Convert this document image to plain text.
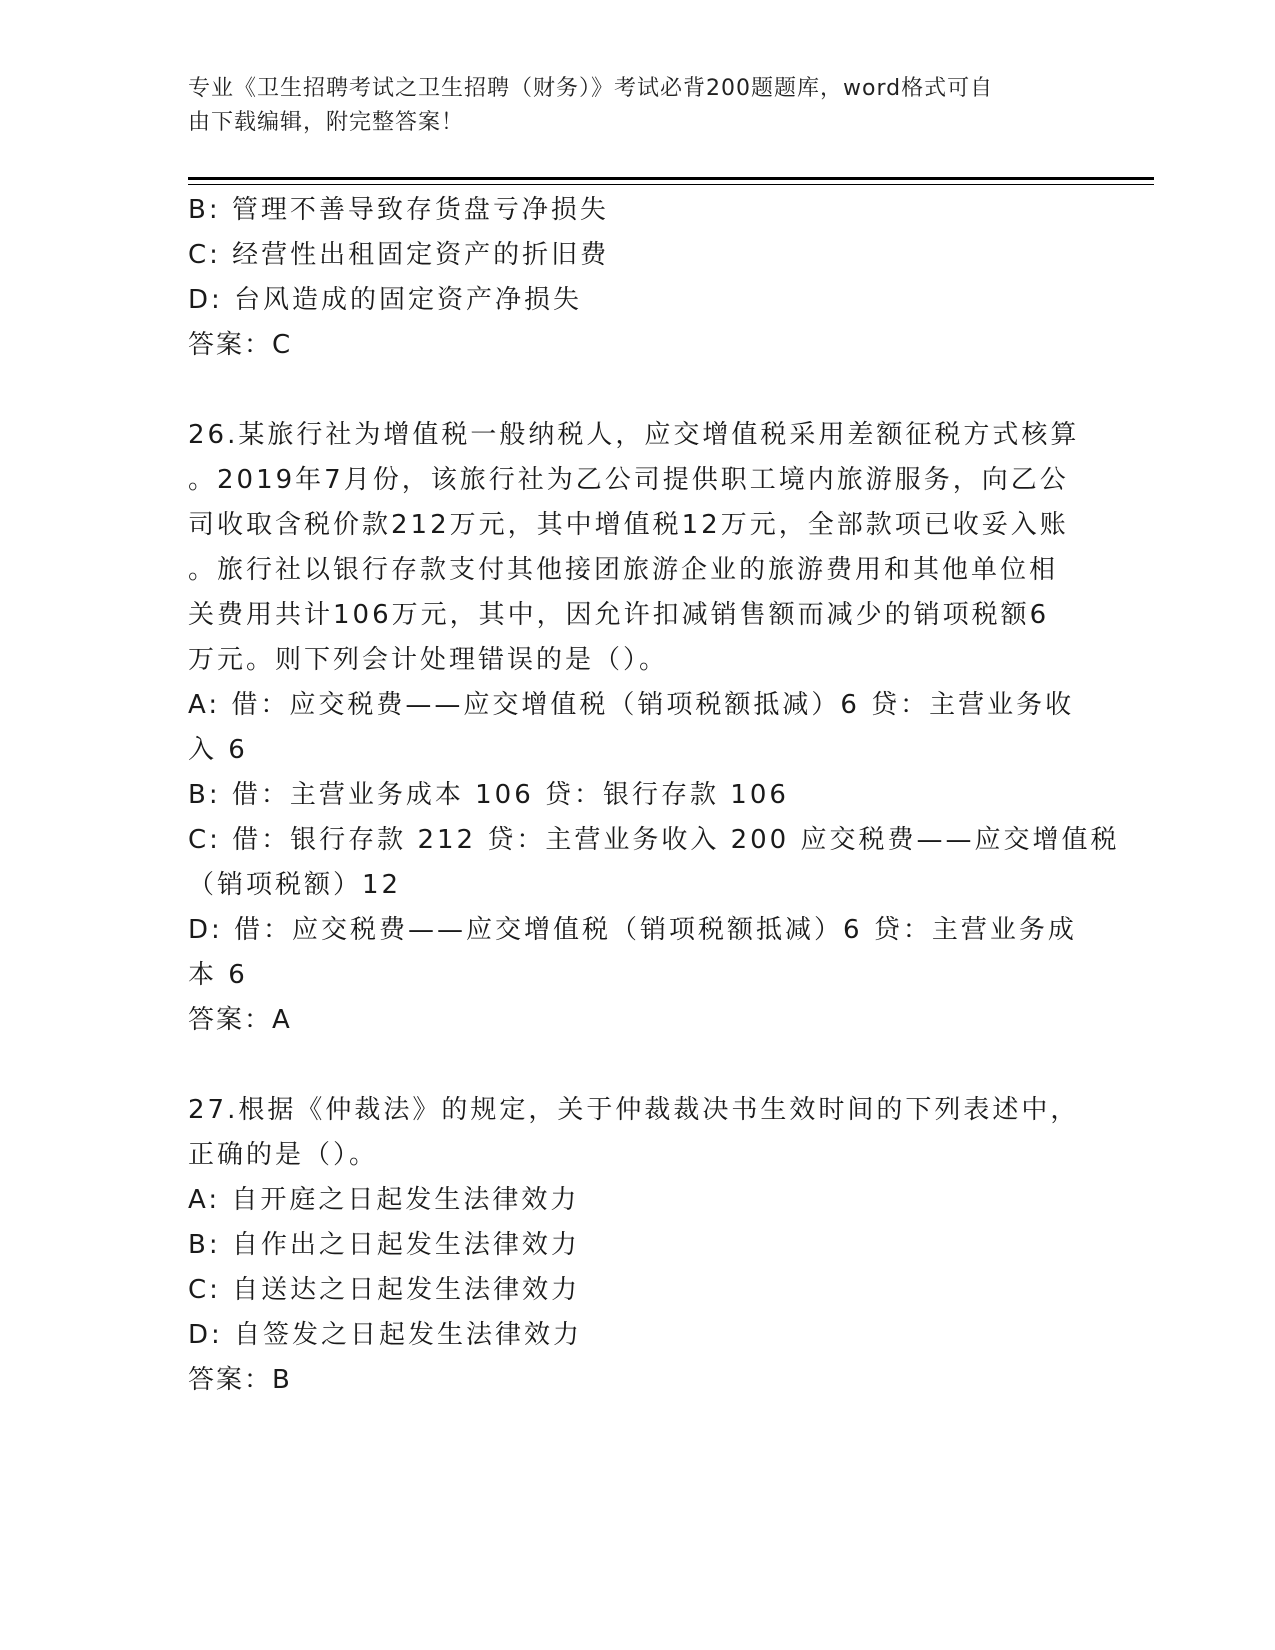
专业《卫生招聘考试之卫生招聘（财务）》考试必背200题题库，word格式可自
由下载编辑，附完整答案！
B: 管理不善导致存货盘亏净损失
C: 经营性出租固定资产的折旧费
D: 台风造成的固定资产净损失
答案：C
26.某旅行社为增值税一般纳税人，应交增值税采用差额征税方式核算
。2019年7月份，该旅行社为乙公司提供职工境内旅游服务，向乙公
司收取含税价款212万元，其中增值税12万元，全部款项已收妥入账
。旅行社以银行存款支付其他接团旅游企业的旅游费用和其他单位相
关费用共计106万元，其中，因允许扣减销售额而减少的销项税额6
万元。则下列会计处理错误的是（）。
A: 借：应交税费——应交增值税（销项税额抵减）6 贷：主营业务收
入 6
B: 借：主营业务成本 106 贷：银行存款 106
C: 借：银行存款 212 贷：主营业务收入 200 应交税费——应交增值税
（销项税额）12
D: 借：应交税费——应交增值税（销项税额抵减）6 贷：主营业务成
本 6
答案：A
27.根据《仲裁法》的规定，关于仲裁裁决书生效时间的下列表述中，
正确的是（）。
A: 自开庭之日起发生法律效力
B: 自作出之日起发生法律效力
C: 自送达之日起发生法律效力
D: 自签发之日起发生法律效力
答案：B
